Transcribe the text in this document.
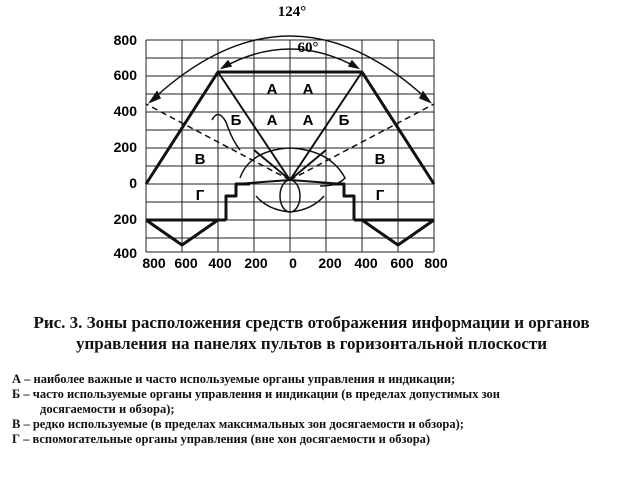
800
600
400
200
0
200
400
800 600 400 200 0 200 400 600 800
124°
60°
А А
А А
Б	Б
В	В
Г	Г
Рис. 3. Зоны расположения средств отображения информации и органов
управления на панелях пультов в горизонтальной плоскости
А – наиболее важные и часто используемые органы управления и индикации;
Б – часто используемые органы управления и индикации (в пределах допустимых зон
досягаемости и обзора);
В – редко используемые (в пределах максимальных зон досягаемости и обзора);
Г – вспомогательные органы управления (вне хон досягаемости и обзора)
